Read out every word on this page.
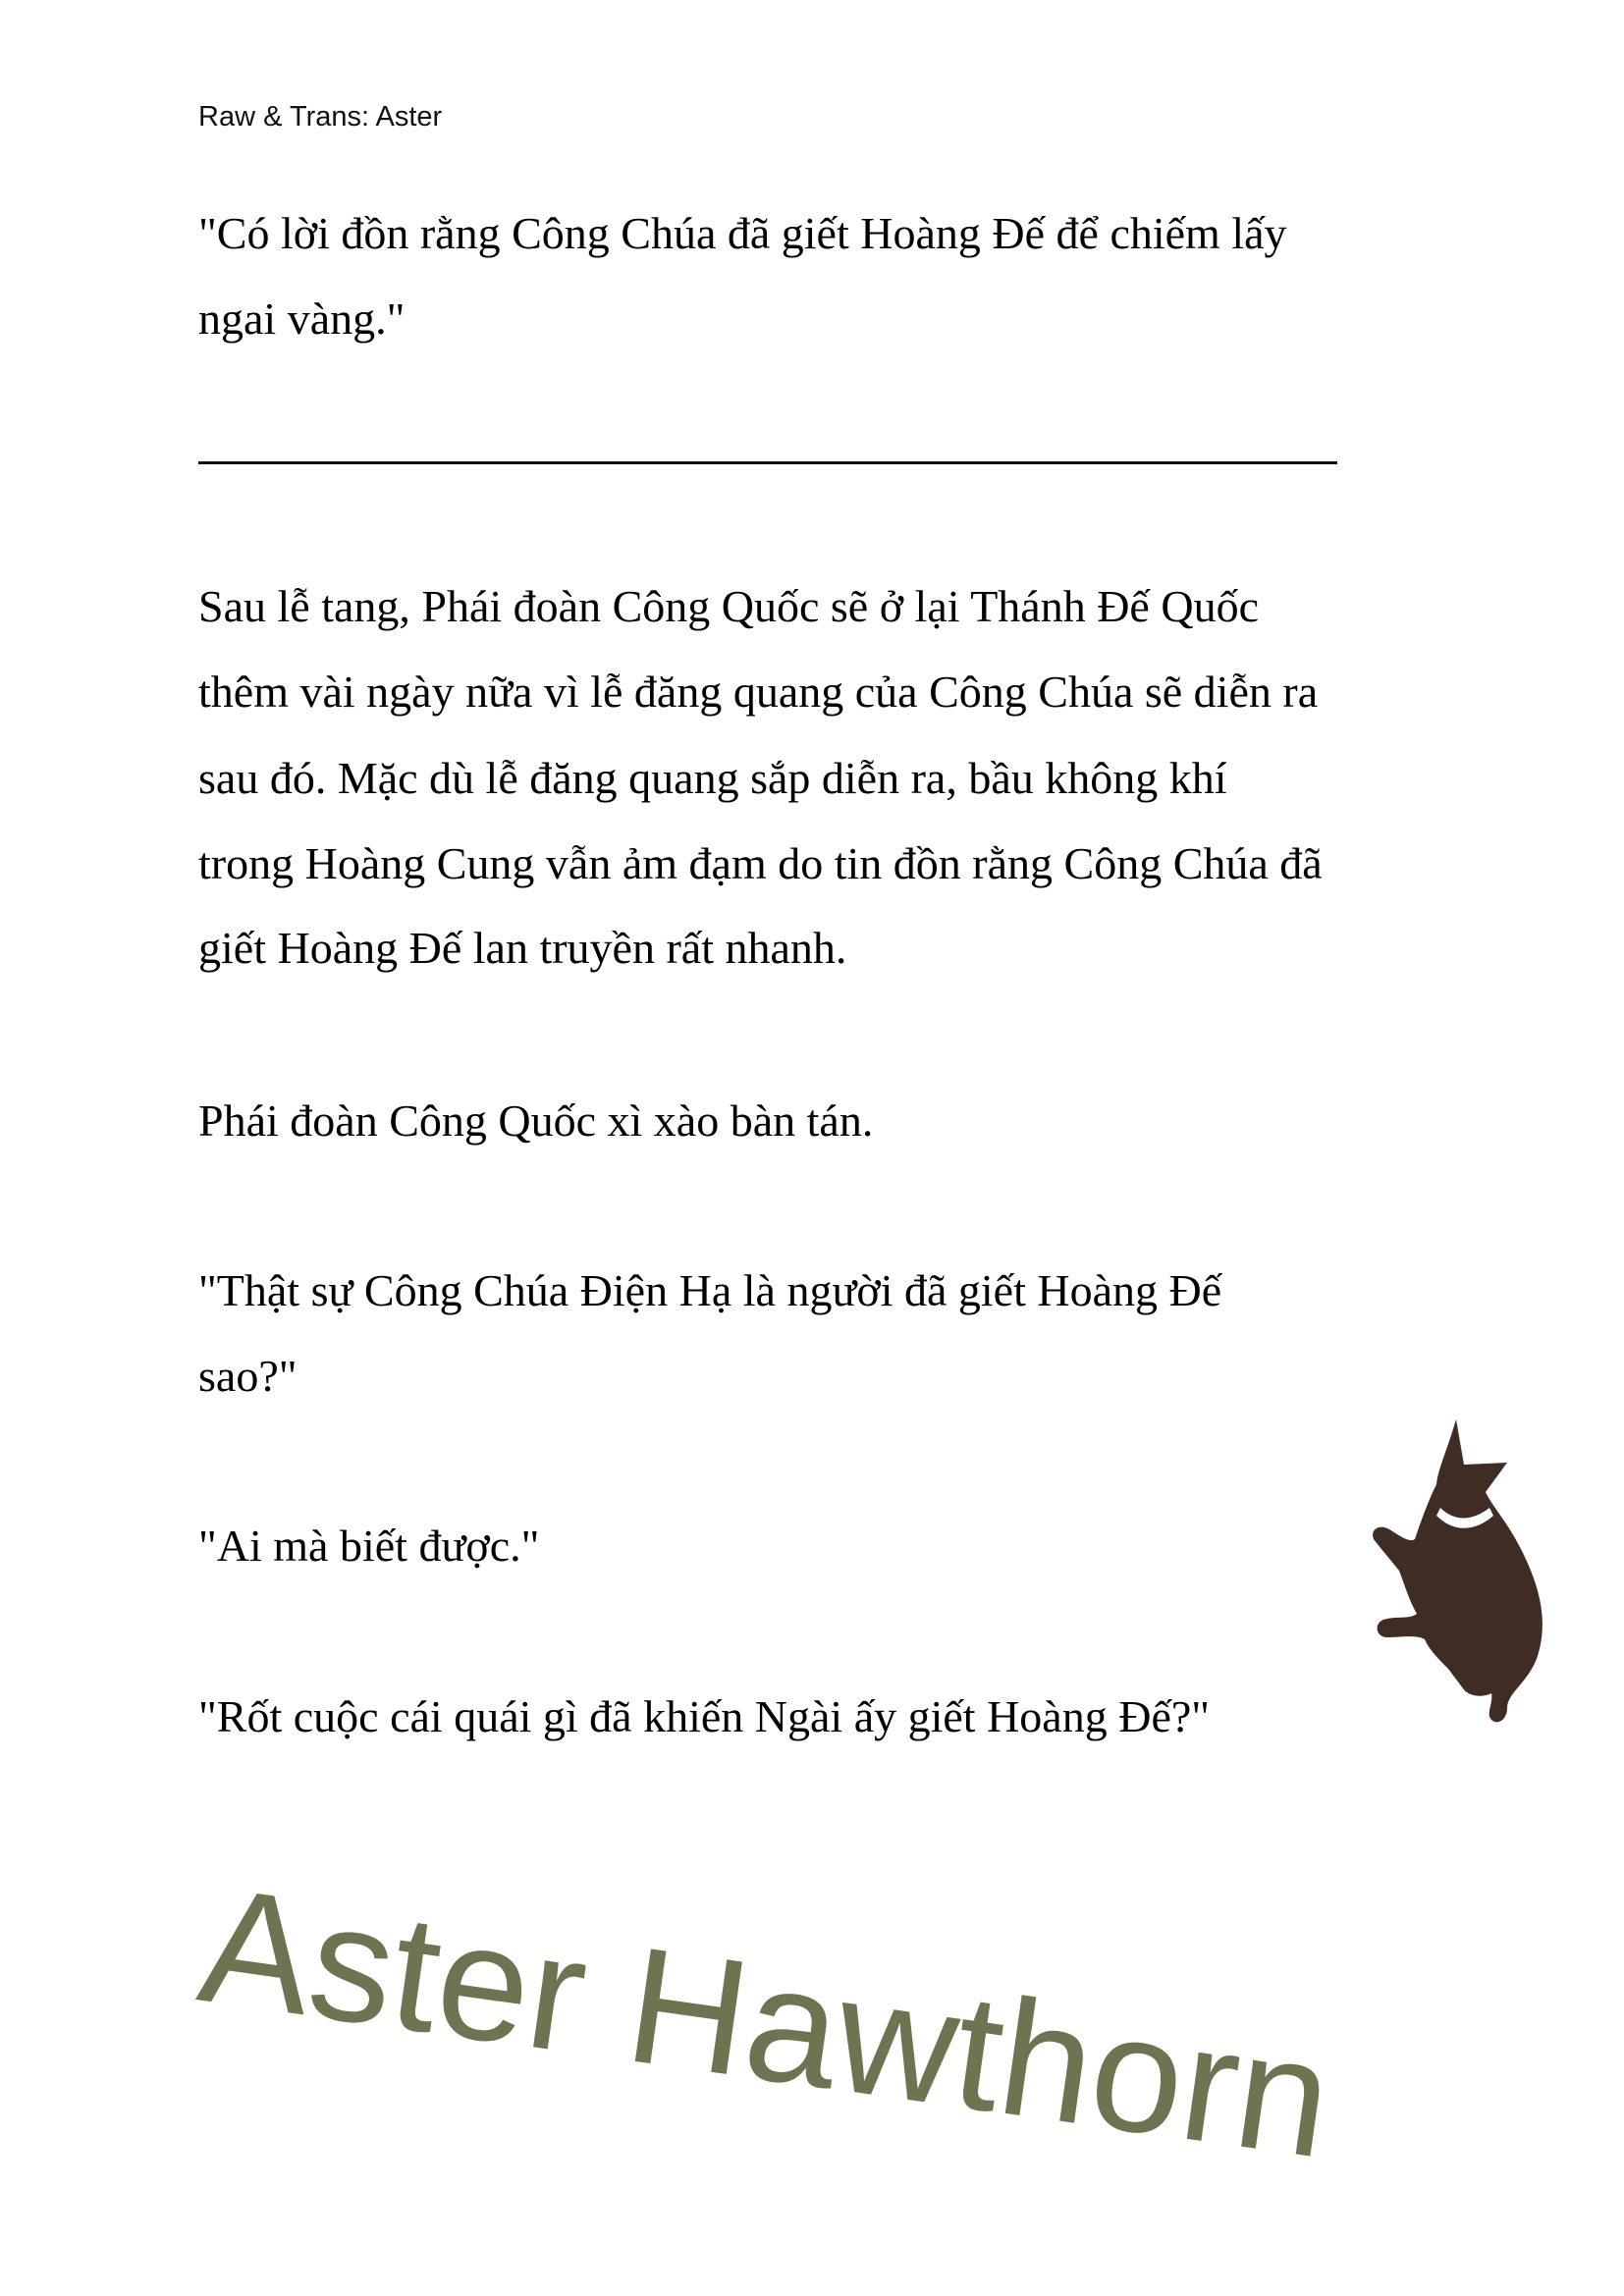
Raw & Trans: Aster
"Có lời đồn rằng Công Chúa đã giết Hoàng Đế để chiếm lấy
ngai vàng."
Sau lễ tang, Phái đoàn Công Quốc sẽ ở lại Thánh Đế Quốc
thêm vài ngày nữa vì lễ đăng quang của Công Chúa sẽ diễn ra
sau đó. Mặc dù lễ đăng quang sắp diễn ra, bầu không khí
trong Hoàng Cung vẫn ảm đạm do tin đồn rằng Công Chúa đã
giết Hoàng Đế lan truyền rất nhanh.
Phái đoàn Công Quốc xì xào bàn tán.
"Thật sự Công Chúa Điện Hạ là người đã giết Hoàng Đế
sao?"
"Ai mà biết được."
"Rốt cuộc cái quái gì đã khiến Ngài ấy giết Hoàng Đế?"
Aster Hawthorn
